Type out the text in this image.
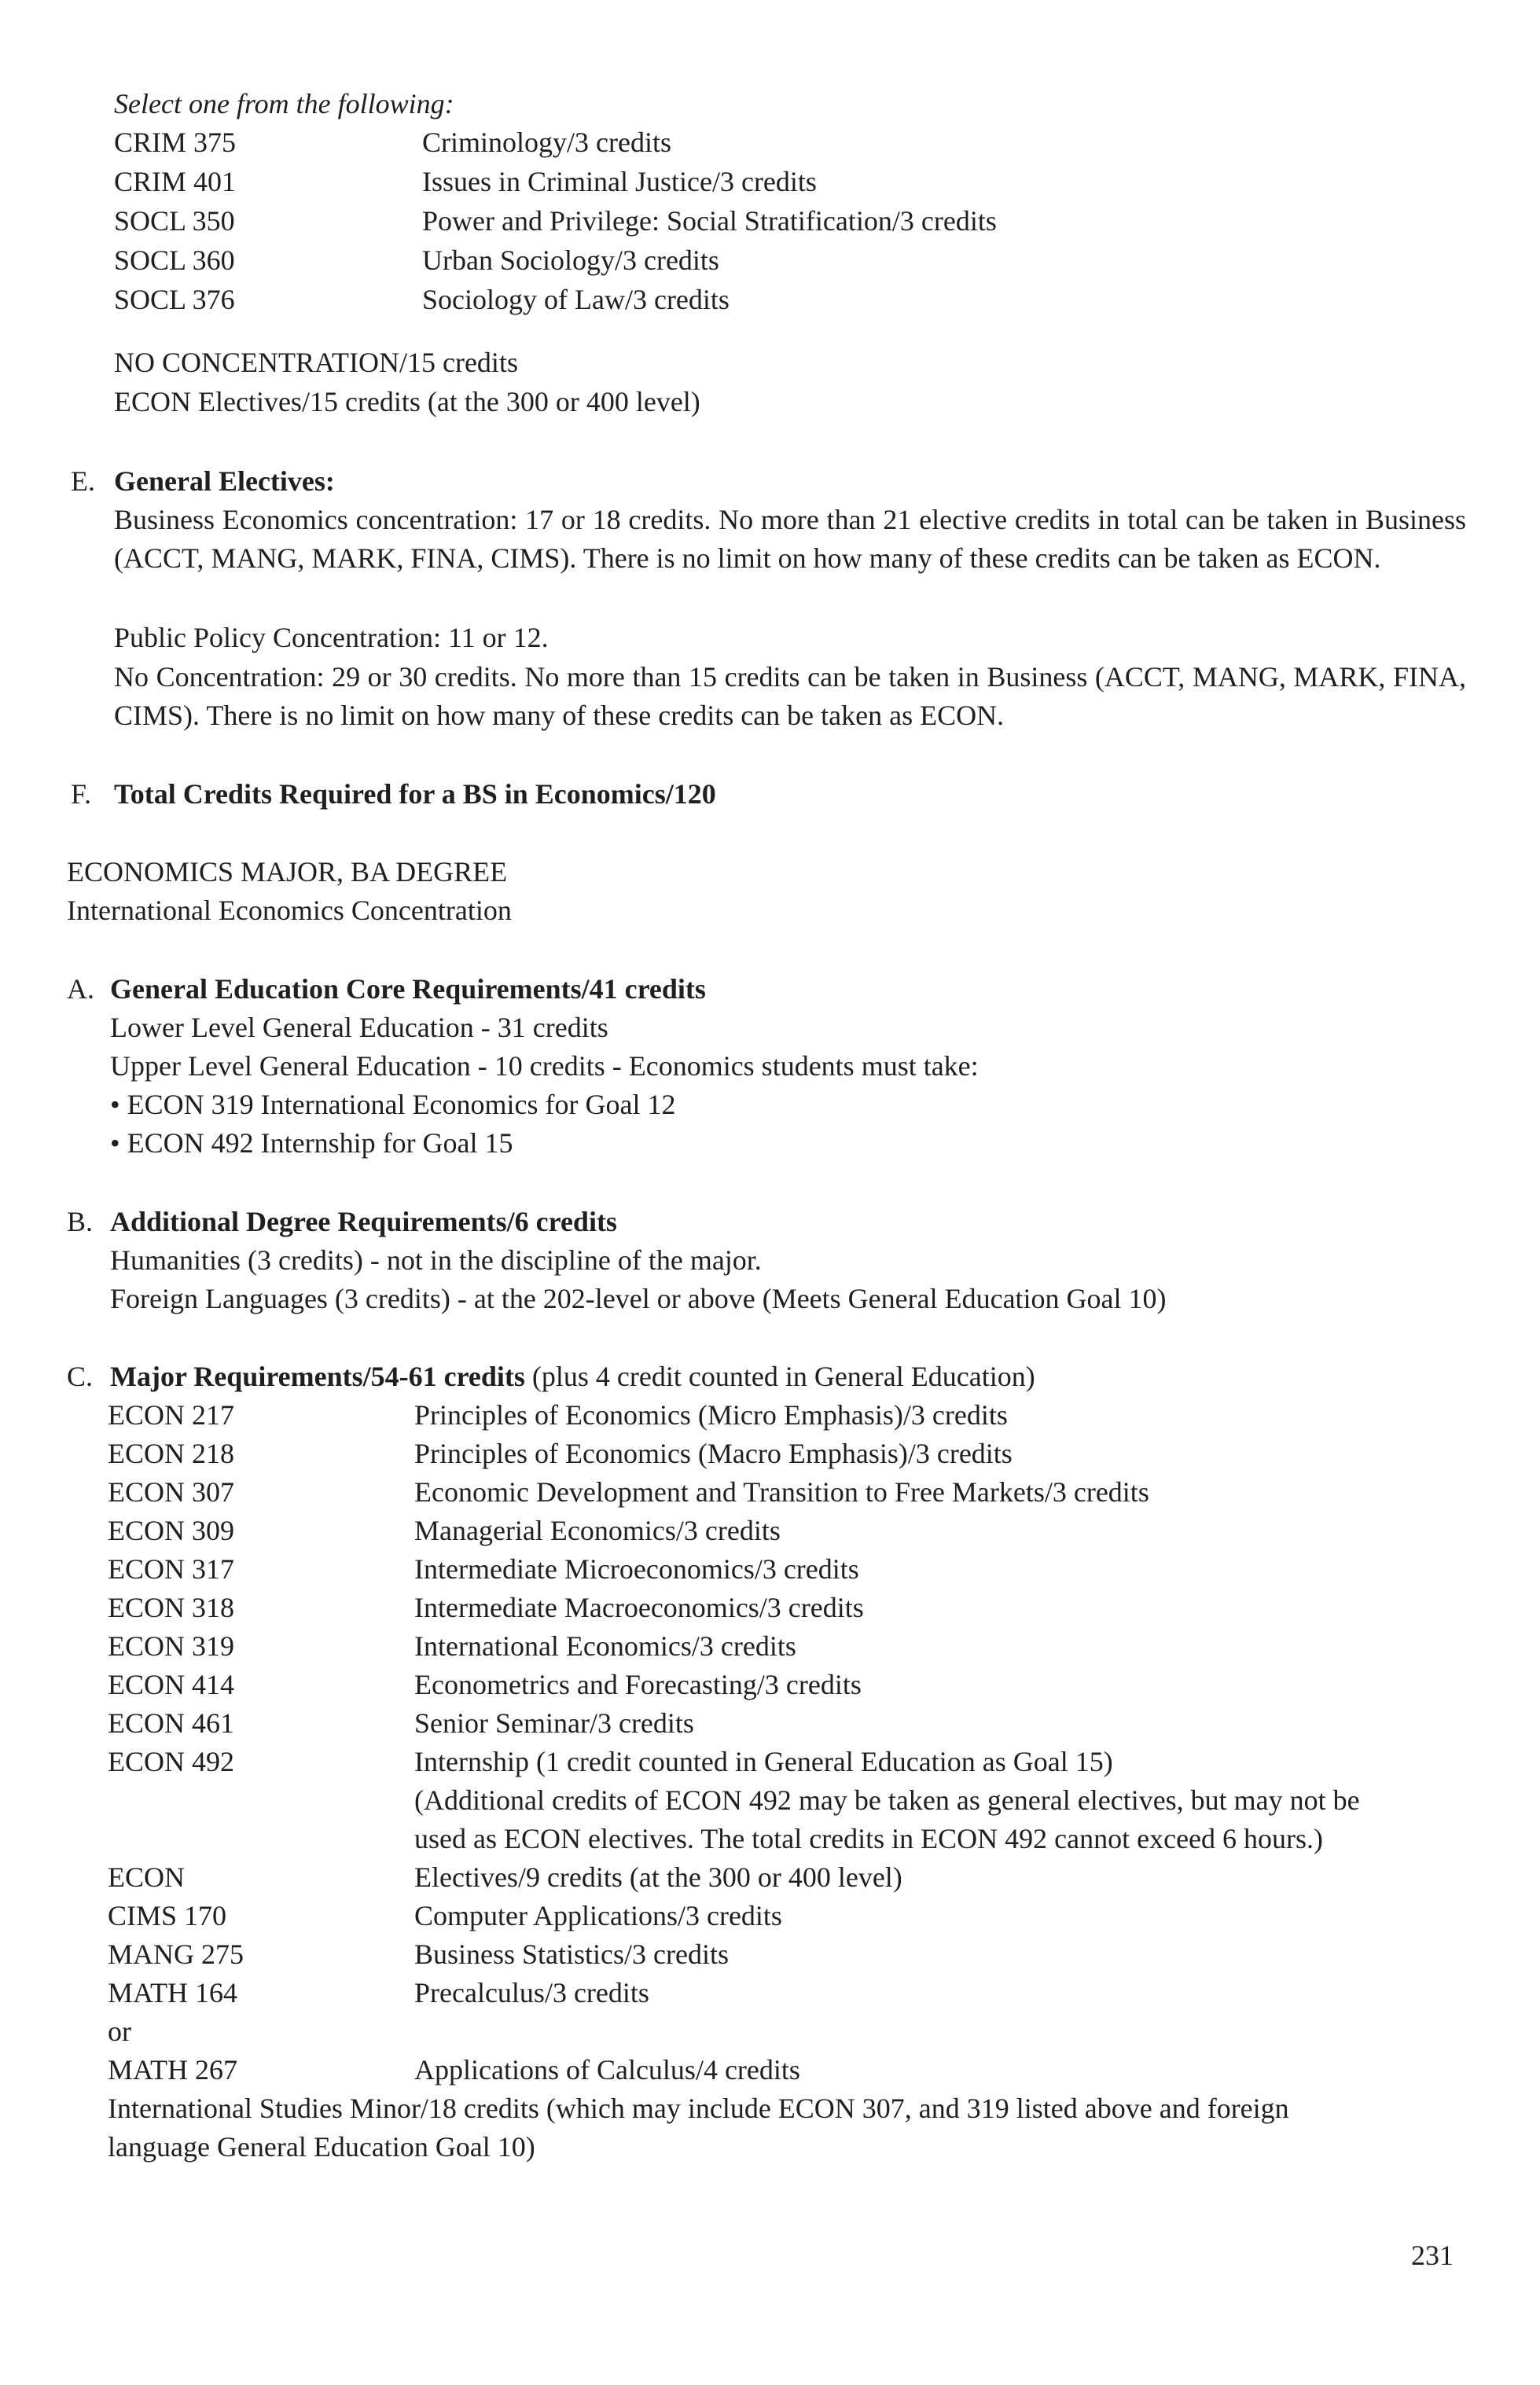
Select one from the following:
CRIM 375	Criminology/3 credits
CRIM 401	Issues in Criminal Justice/3 credits
SOCL 350	Power and Privilege: Social Stratification/3 credits
SOCL 360	Urban Sociology/3 credits
SOCL 376	Sociology of Law/3 credits
NO CONCENTRATION/15 credits
ECON Electives/15 credits (at the 300 or 400 level)
E. General Electives:
Business Economics concentration: 17 or 18 credits. No more than 21 elective credits in total can be taken in Business (ACCT, MANG, MARK, FINA, CIMS). There is no limit on how many of these credits can be taken as ECON.
Public Policy Concentration: 11 or 12.
No Concentration: 29 or 30 credits. No more than 15 credits can be taken in Business (ACCT, MANG, MARK, FINA, CIMS). There is no limit on how many of these credits can be taken as ECON.
F. Total Credits Required for a BS in Economics/120
ECONOMICS MAJOR, BA DEGREE
International Economics Concentration
A. General Education Core Requirements/41 credits
Lower Level General Education - 31 credits
Upper Level General Education - 10 credits - Economics students must take:
• ECON 319 International Economics for Goal 12
• ECON 492 Internship for Goal 15
B. Additional Degree Requirements/6 credits
Humanities (3 credits) - not in the discipline of the major.
Foreign Languages (3 credits) - at the 202-level or above (Meets General Education Goal 10)
C. Major Requirements/54-61 credits (plus 4 credit counted in General Education)
ECON 217	Principles of Economics (Micro Emphasis)/3 credits
ECON 218	Principles of Economics (Macro Emphasis)/3 credits
ECON 307	Economic Development and Transition to Free Markets/3 credits
ECON 309	Managerial Economics/3 credits
ECON 317	Intermediate Microeconomics/3 credits
ECON 318	Intermediate Macroeconomics/3 credits
ECON 319	International Economics/3 credits
ECON 414	Econometrics and Forecasting/3 credits
ECON 461	Senior Seminar/3 credits
ECON 492	Internship (1 credit counted in General Education as Goal 15)
(Additional credits of ECON 492 may be taken as general electives, but may not be
used as ECON electives. The total credits in ECON 492 cannot exceed 6 hours.)
ECON	Electives/9 credits (at the 300 or 400 level)
CIMS 170	Computer Applications/3 credits
MANG 275	Business Statistics/3 credits
MATH 164	Precalculus/3 credits
or
MATH 267	Applications of Calculus/4 credits
International Studies Minor/18 credits (which may include ECON 307, and 319 listed above and foreign
language General Education Goal 10)
231
